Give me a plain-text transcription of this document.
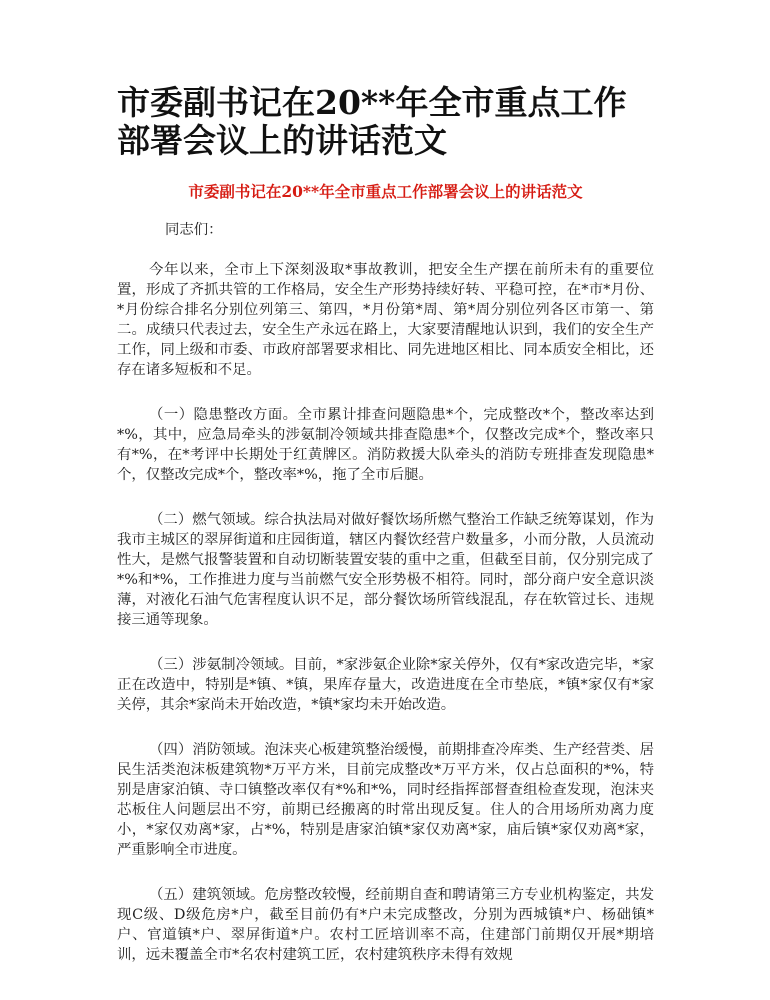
市委副书记在20**年全市重点工作部署会议上的讲话范文
市委副书记在20**年全市重点工作部署会议上的讲话范文
同志们：

今年以来，全市上下深刻汲取*事故教训，把安全生产摆在前所未有的重要位置，形成了齐抓共管的工作格局，安全生产形势持续好转、平稳可控，在*市*月份、*月份综合排名分别位列第三、第四，*月份第*周、第*周分别位列各区市第一、第二。成绩只代表过去，安全生产永远在路上，大家要清醒地认识到，我们的安全生产工作，同上级和市委、市政府部署要求相比、同先进地区相比、同本质安全相比，还存在诸多短板和不足。

（一）隐患整改方面。全市累计排查问题隐患*个，完成整改*个，整改率达到*%，其中，应急局牵头的涉氨制冷领域共排查隐患*个，仅整改完成*个，整改率只有*%，在*考评中长期处于红黄牌区。消防救援大队牵头的消防专班排查发现隐患*个，仅整改完成*个，整改率*%，拖了全市后腿。

（二）燃气领域。综合执法局对做好餐饮场所燃气整治工作缺乏统筹谋划，作为我市主城区的翠屏街道和庄园街道，辖区内餐饮经营户数量多，小而分散，人员流动性大，是燃气报警装置和自动切断装置安装的重中之重，但截至目前，仅分别完成了*%和*%，工作推进力度与当前燃气安全形势极不相符。同时，部分商户安全意识淡薄，对液化石油气危害程度认识不足，部分餐饮场所管线混乱，存在软管过长、违规接三通等现象。

（三）涉氨制冷领域。目前，*家涉氨企业除*家关停外，仅有*家改造完毕，*家正在改造中，特别是*镇、*镇，果库存量大，改造进度在全市垫底，*镇*家仅有*家关停，其余*家尚未开始改造，*镇*家均未开始改造。

（四）消防领域。泡沫夹心板建筑整治缓慢，前期排查冷库类、生产经营类、居民生活类泡沫板建筑物*万平方米，目前完成整改*万平方米，仅占总面积的*%，特别是唐家泊镇、寺口镇整改率仅有*%和*%，同时经指挥部督查组检查发现，泡沫夹芯板住人问题层出不穷，前期已经搬离的时常出现反复。住人的合用场所劝离力度小，*家仅劝离*家，占*%，特别是唐家泊镇*家仅劝离*家，庙后镇*家仅劝离*家，严重影响全市进度。

（五）建筑领域。危房整改较慢，经前期自查和聘请第三方专业机构鉴定，共发现C级、D级危房*户，截至目前仍有*户未完成整改，分别为西城镇*户、杨础镇*户、官道镇*户、翠屏街道*户。农村工匠培训率不高，住建部门前期仅开展*期培训，远未覆盖全市*名农村建筑工匠，农村建筑秩序未得有效规
